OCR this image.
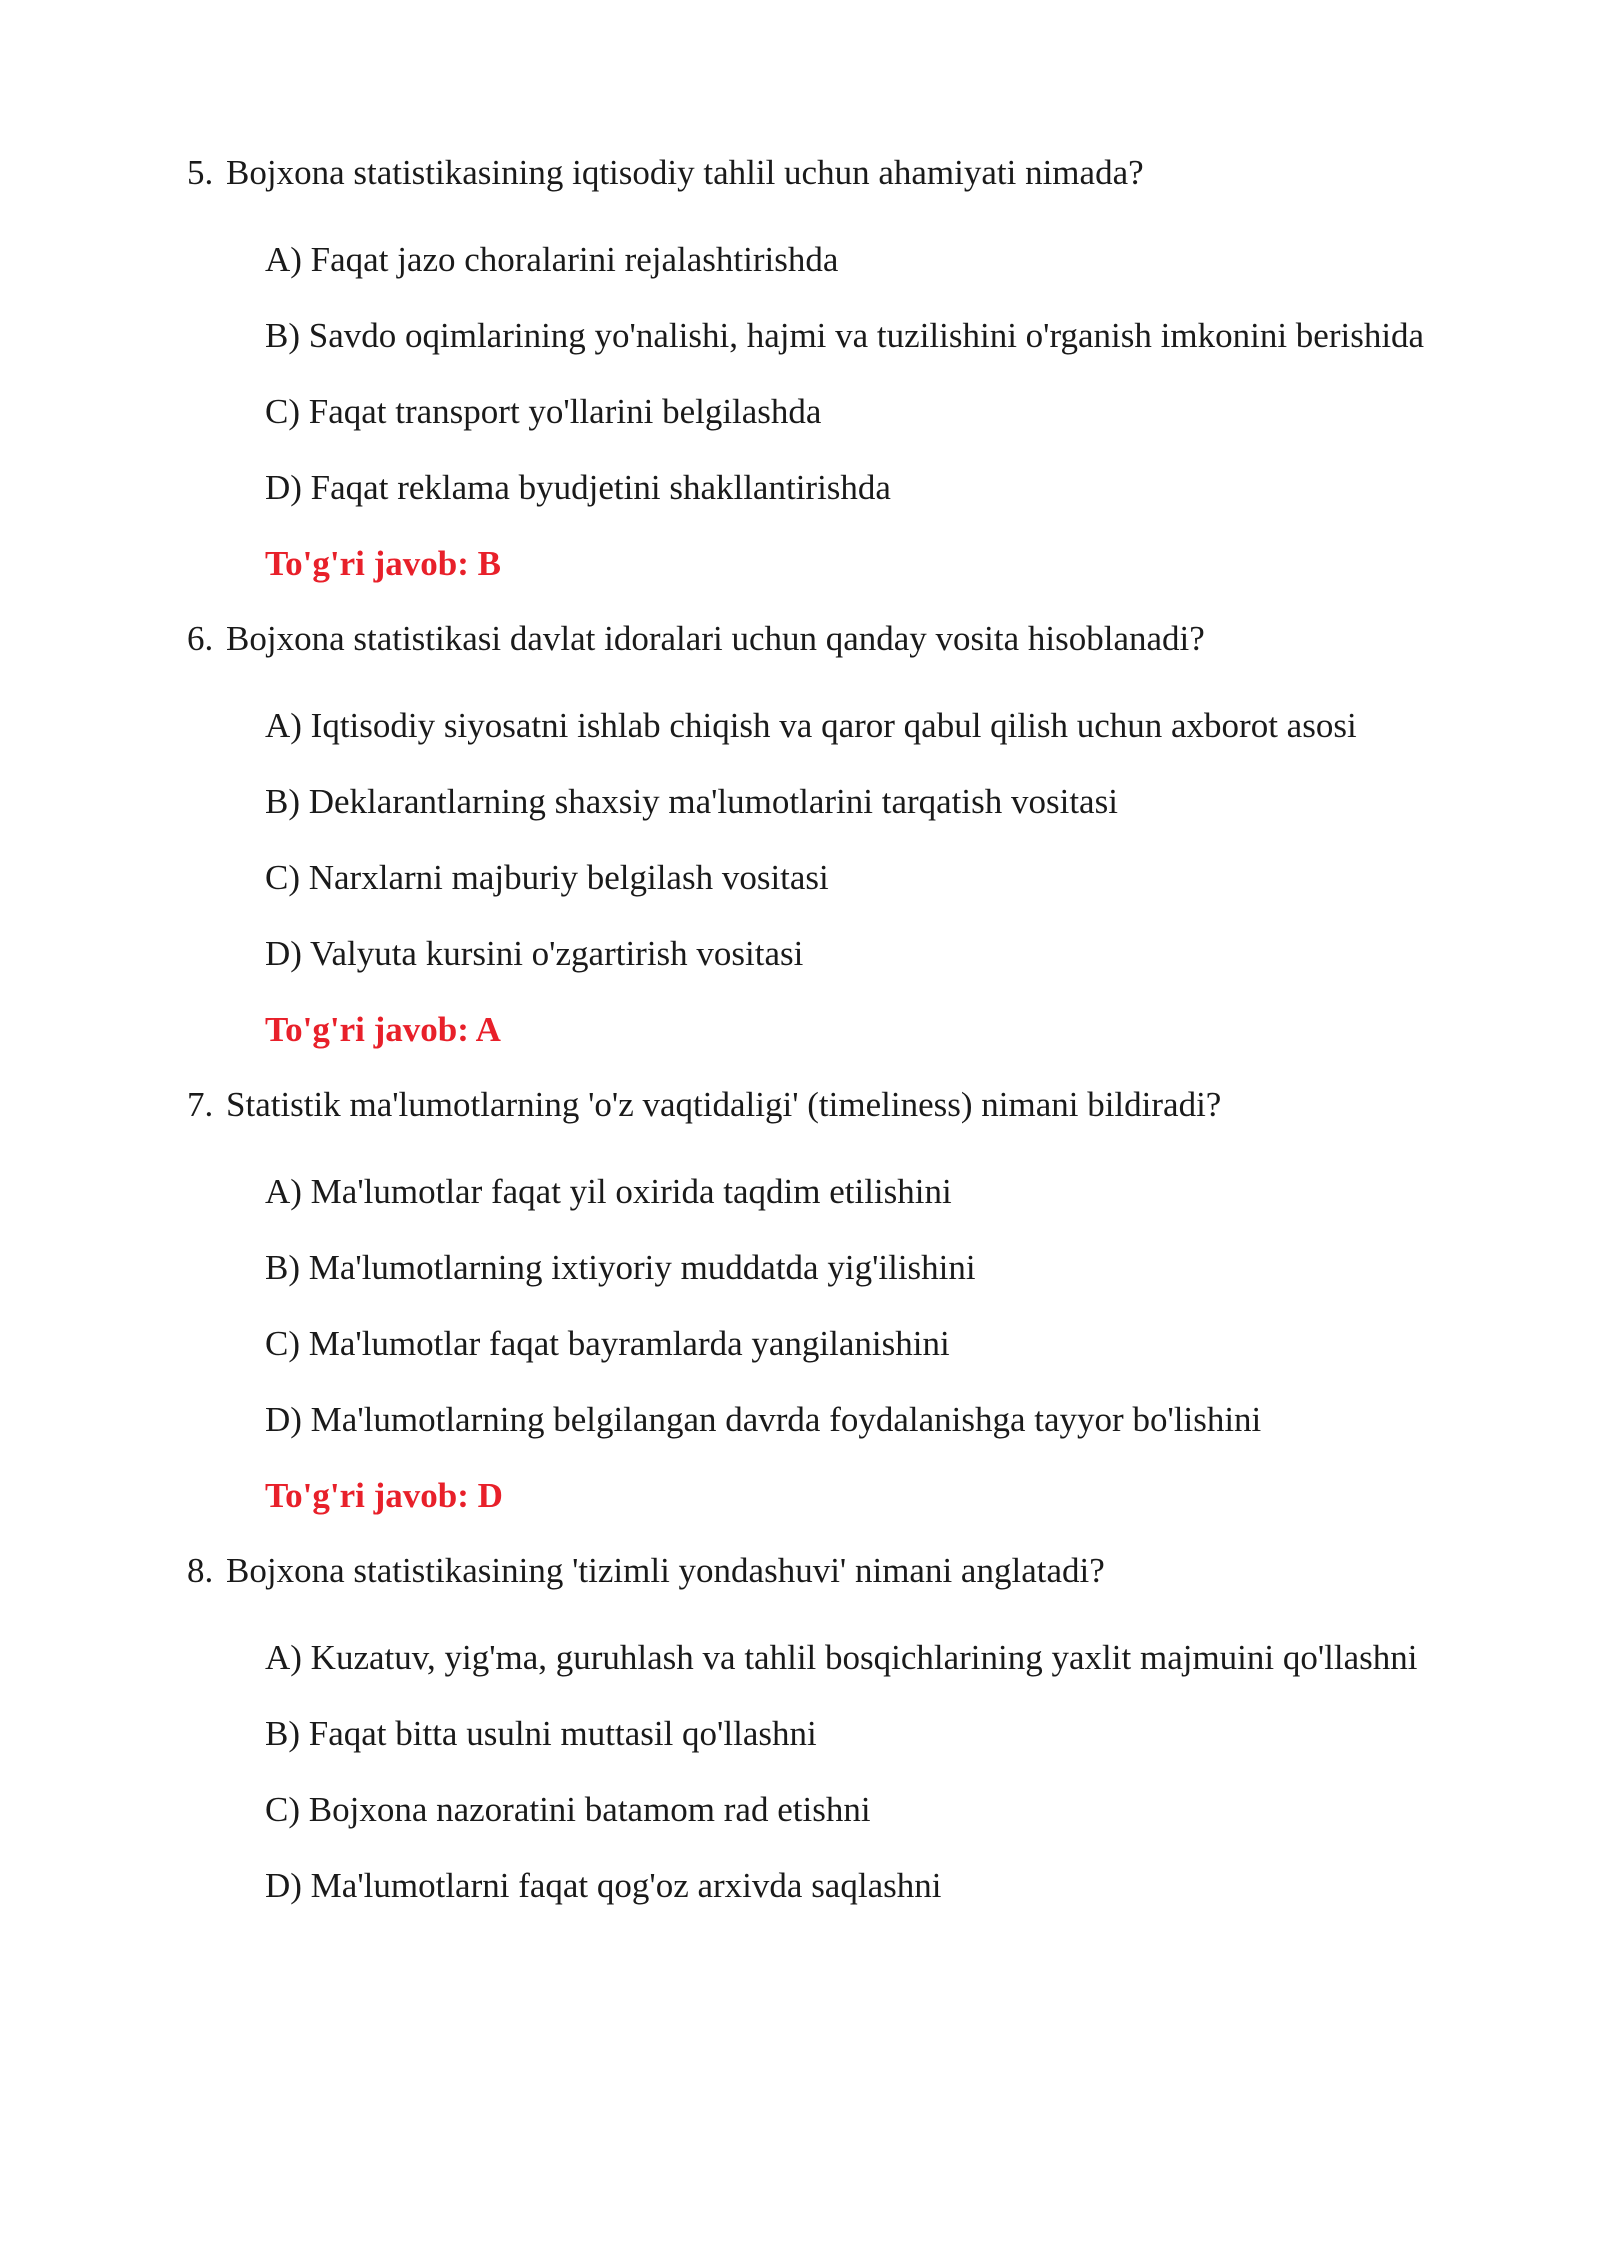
5. Bojxona statistikasining iqtisodiy tahlil uchun ahamiyati nimada?
A) Faqat jazo choralarini rejalashtirishda
B) Savdo oqimlarining yo'nalishi, hajmi va tuzilishini o'rganish imkonini berishida
C) Faqat transport yo'llarini belgilashda
D) Faqat reklama byudjetini shakllantirishda
To'g'ri javob: B
6. Bojxona statistikasi davlat idoralari uchun qanday vosita hisoblanadi?
A) Iqtisodiy siyosatni ishlab chiqish va qaror qabul qilish uchun axborot asosi
B) Deklarantlarning shaxsiy ma'lumotlarini tarqatish vositasi
C) Narxlarni majburiy belgilash vositasi
D) Valyuta kursini o'zgartirish vositasi
To'g'ri javob: A
7. Statistik ma'lumotlarning 'o'z vaqtidaligi' (timeliness) nimani bildiradi?
A) Ma'lumotlar faqat yil oxirida taqdim etilishini
B) Ma'lumotlarning ixtiyoriy muddatda yig'ilishini
C) Ma'lumotlar faqat bayramlarda yangilanishini
D) Ma'lumotlarning belgilangan davrda foydalanishga tayyor bo'lishini
To'g'ri javob: D
8. Bojxona statistikasining 'tizimli yondashuvi' nimani anglatadi?
A) Kuzatuv, yig'ma, guruhlash va tahlil bosqichlarining yaxlit majmuini qo'llashni
B) Faqat bitta usulni muttasil qo'llashni
C) Bojxona nazoratini batamom rad etishni
D) Ma'lumotlarni faqat qog'oz arxivda saqlashni
